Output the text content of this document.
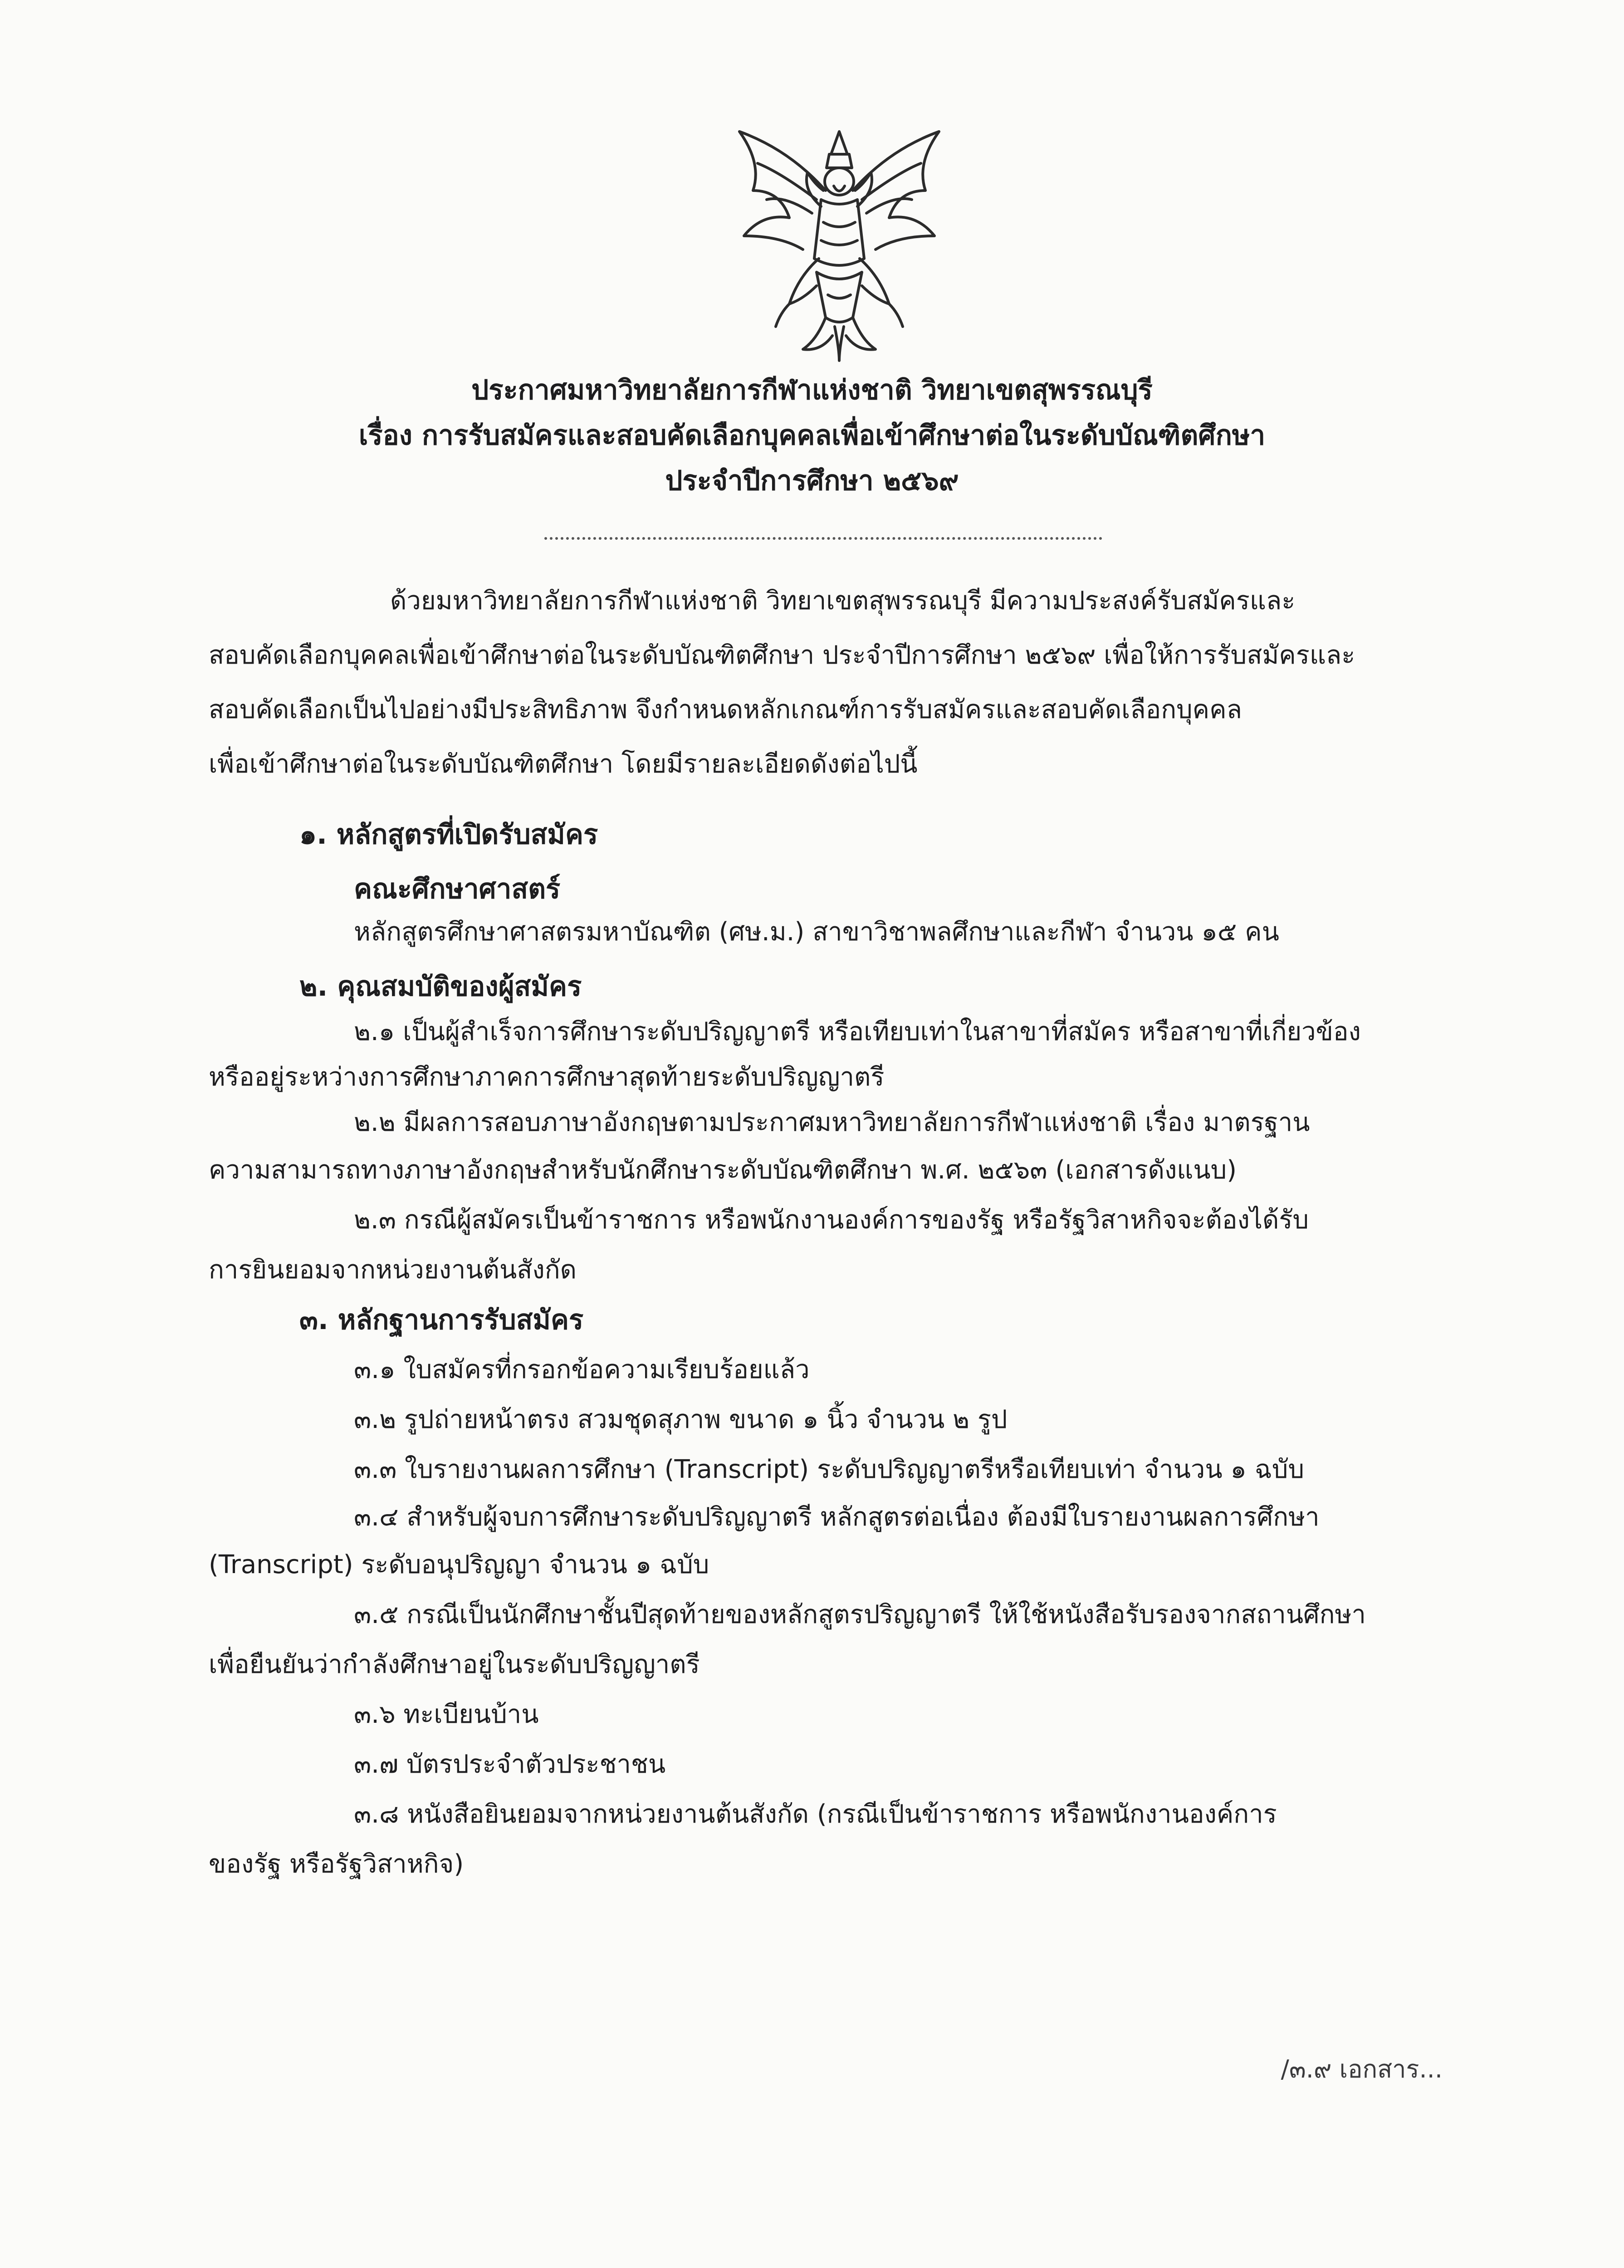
ประกาศมหาวิทยาลัยการกีฬาแห่งชาติ วิทยาเขตสุพรรณบุรี
เรื่อง การรับสมัครและสอบคัดเลือกบุคคลเพื่อเข้าศึกษาต่อในระดับบัณฑิตศึกษา
ประจำปีการศึกษา ๒๕๖๙
ด้วยมหาวิทยาลัยการกีฬาแห่งชาติ วิทยาเขตสุพรรณบุรี มีความประสงค์รับสมัครและ
สอบคัดเลือกบุคคลเพื่อเข้าศึกษาต่อในระดับบัณฑิตศึกษา ประจำปีการศึกษา ๒๕๖๙ เพื่อให้การรับสมัครและ
สอบคัดเลือกเป็นไปอย่างมีประสิทธิภาพ จึงกำหนดหลักเกณฑ์การรับสมัครและสอบคัดเลือกบุคคล
เพื่อเข้าศึกษาต่อในระดับบัณฑิตศึกษา โดยมีรายละเอียดดังต่อไปนี้
๑. หลักสูตรที่เปิดรับสมัคร
คณะศึกษาศาสตร์
หลักสูตรศึกษาศาสตรมหาบัณฑิต (ศษ.ม.) สาขาวิชาพลศึกษาและกีฬา จำนวน ๑๕ คน
๒. คุณสมบัติของผู้สมัคร
๒.๑ เป็นผู้สำเร็จการศึกษาระดับปริญญาตรี หรือเทียบเท่าในสาขาที่สมัคร หรือสาขาที่เกี่ยวข้อง
หรืออยู่ระหว่างการศึกษาภาคการศึกษาสุดท้ายระดับปริญญาตรี
๒.๒ มีผลการสอบภาษาอังกฤษตามประกาศมหาวิทยาลัยการกีฬาแห่งชาติ เรื่อง มาตรฐาน
ความสามารถทางภาษาอังกฤษสำหรับนักศึกษาระดับบัณฑิตศึกษา พ.ศ. ๒๕๖๓ (เอกสารดังแนบ)
๒.๓ กรณีผู้สมัครเป็นข้าราชการ หรือพนักงานองค์การของรัฐ หรือรัฐวิสาหกิจจะต้องได้รับ
การยินยอมจากหน่วยงานต้นสังกัด
๓. หลักฐานการรับสมัคร
๓.๑ ใบสมัครที่กรอกข้อความเรียบร้อยแล้ว
๓.๒ รูปถ่ายหน้าตรง สวมชุดสุภาพ ขนาด ๑ นิ้ว จำนวน ๒ รูป
๓.๓ ใบรายงานผลการศึกษา (Transcript) ระดับปริญญาตรีหรือเทียบเท่า จำนวน ๑ ฉบับ
๓.๔ สำหรับผู้จบการศึกษาระดับปริญญาตรี หลักสูตรต่อเนื่อง ต้องมีใบรายงานผลการศึกษา
(Transcript) ระดับอนุปริญญา จำนวน ๑ ฉบับ
๓.๕ กรณีเป็นนักศึกษาชั้นปีสุดท้ายของหลักสูตรปริญญาตรี ให้ใช้หนังสือรับรองจากสถานศึกษา
เพื่อยืนยันว่ากำลังศึกษาอยู่ในระดับปริญญาตรี
๓.๖ ทะเบียนบ้าน
๓.๗ บัตรประจำตัวประชาชน
๓.๘ หนังสือยินยอมจากหน่วยงานต้นสังกัด (กรณีเป็นข้าราชการ หรือพนักงานองค์การ
ของรัฐ หรือรัฐวิสาหกิจ)
/๓.๙ เอกสาร...
